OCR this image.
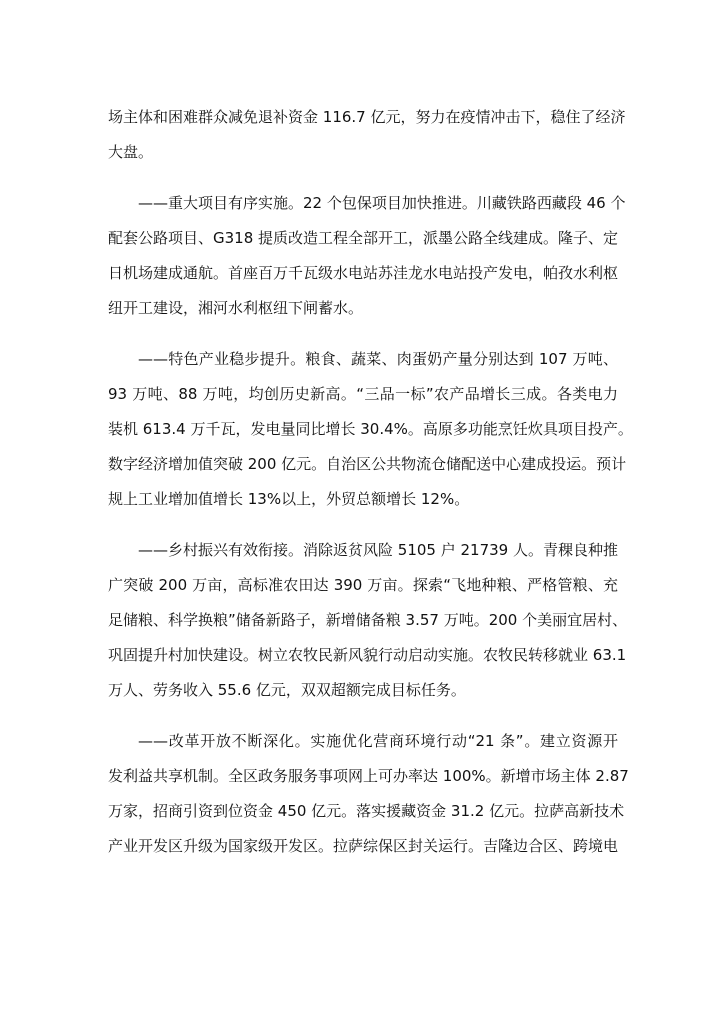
场主体和困难群众减免退补资金 116.7 亿元，努力在疫情冲击下，稳住了经济
大盘。
——重大项目有序实施。22 个包保项目加快推进。川藏铁路西藏段 46 个
配套公路项目、G318 提质改造工程全部开工，派墨公路全线建成。隆子、定
日机场建成通航。首座百万千瓦级水电站苏洼龙水电站投产发电，帕孜水利枢
纽开工建设，湘河水利枢纽下闸蓄水。
——特色产业稳步提升。粮食、蔬菜、肉蛋奶产量分别达到 107 万吨、
93 万吨、88 万吨，均创历史新高。“三品一标”农产品增长三成。各类电力
装机 613.4 万千瓦，发电量同比增长 30.4%。高原多功能烹饪炊具项目投产。
数字经济增加值突破 200 亿元。自治区公共物流仓储配送中心建成投运。预计
规上工业增加值增长 13%以上，外贸总额增长 12%。
——乡村振兴有效衔接。消除返贫风险 5105 户 21739 人。青稞良种推
广突破 200 万亩，高标准农田达 390 万亩。探索“飞地种粮、严格管粮、充
足储粮、科学换粮”储备新路子，新增储备粮 3.57 万吨。200 个美丽宜居村、
巩固提升村加快建设。树立农牧民新风貌行动启动实施。农牧民转移就业 63.1
万人、劳务收入 55.6 亿元，双双超额完成目标任务。
——改革开放不断深化。实施优化营商环境行动“21 条”。建立资源开
发利益共享机制。全区政务服务事项网上可办率达 100%。新增市场主体 2.87
万家，招商引资到位资金 450 亿元。落实援藏资金 31.2 亿元。拉萨高新技术
产业开发区升级为国家级开发区。拉萨综保区封关运行。吉隆边合区、跨境电
